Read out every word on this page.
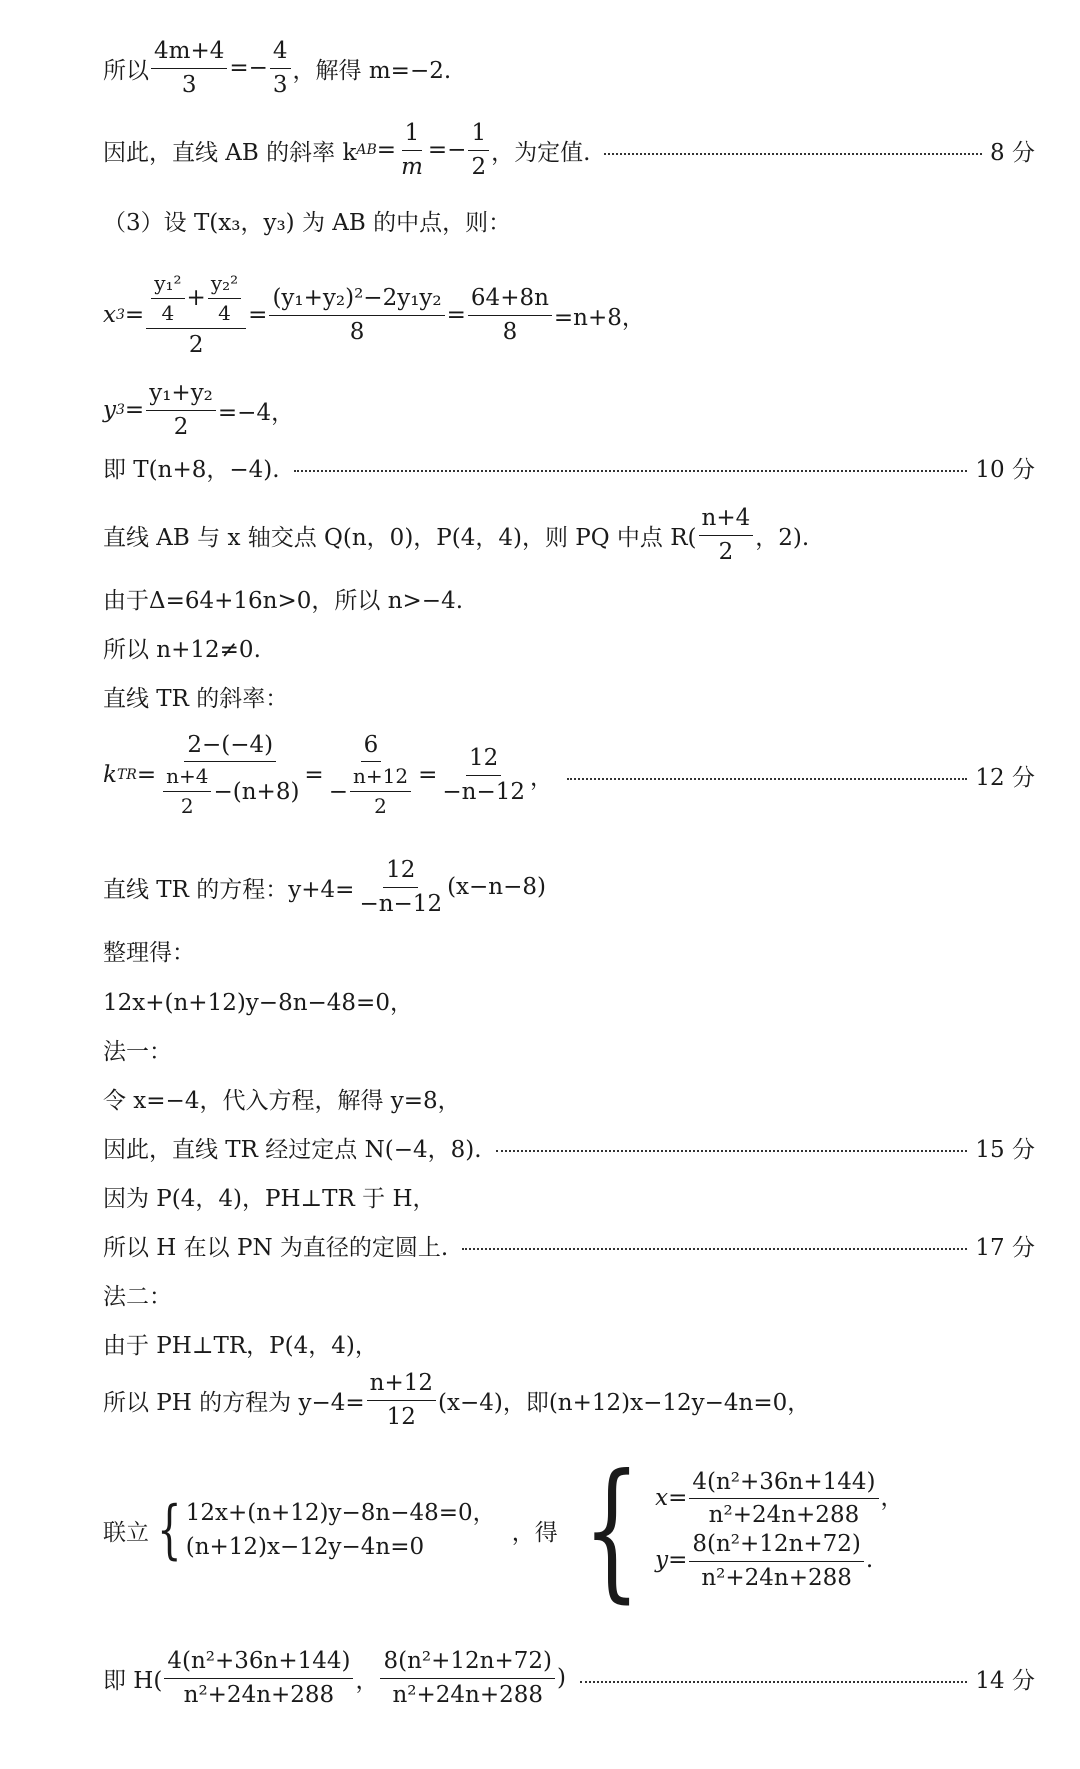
所以 $\frac{4m+4}{3} =- \frac{4}{3}$ ，解得 m=−2.
因此，直线 AB 的斜率 k AB = $\frac{1}{m} =- \frac{1}{2}$ ，为定值.	8 分
（3）设 T(x₃，y₃) 为 AB 的中点，则：
x $3 = \frac{\frac{\text{y₁²}}{4} + \frac{\text{y₂²}}{4}}{2} = \frac{\text{(y₁+y₂)²−2y₁y₂}}{8} = \frac{64+8n}{8} =n+8$，
y $3 = \frac{\text{y₁+y₂}}{2} =-4$，
即 T(n+8，−4).	10 分
直线 AB 与 x 轴交点 Q(n，0)，P(4，4)，则 PQ 中点 $R( \frac{n+4}{2}$ ，2).
由于Δ=64+16n>0，所以 n>−4.
所以 n+12≠0.
直线 TR 的斜率：
k TR = $\frac{2-(-4)}{\frac{n+4}{2} -(n+8)} = \frac{6}{- \frac{n+12}{2}} = \frac{12}{-n-12}$ ，	12 分
直线 TR 的方程：$y+4= \frac{12}{-n-12} (x-n-8)$
整理得：
12x+(n+12)y−8n−48=0，
法一：
令 x=−4，代入方程，解得 y=8，
因此，直线 TR 经过定点 N(−4，8).	15 分
因为 P(4，4)，PH⊥TR 于 H，
所以 H 在以 PN 为直径的定圆上.	17 分
法二：
由于 PH⊥TR，P(4，4)，
所以 PH 的方程为 $y-4= \frac{n+12}{12} (x-4)$，即(n+12)x−12y−4n=0，
联立 { 12x+(n+12)y−8n−48=0，
(n+12)x−12y−4n=0
，得 { $x= \frac{\text{4(n²+36n+144)}}{\text{n²+24n+288}}$ ，
$y= \frac{\text{8(n²+12n+72)}}{\text{n²+24n+288}}$ .
即 $H( \frac{\text{4(n²+36n+144)}}{\text{n²+24n+288}}$ ， $\frac{\text{8(n²+12n+72)}}{\text{n²+24n+288}}$ )	14 分
